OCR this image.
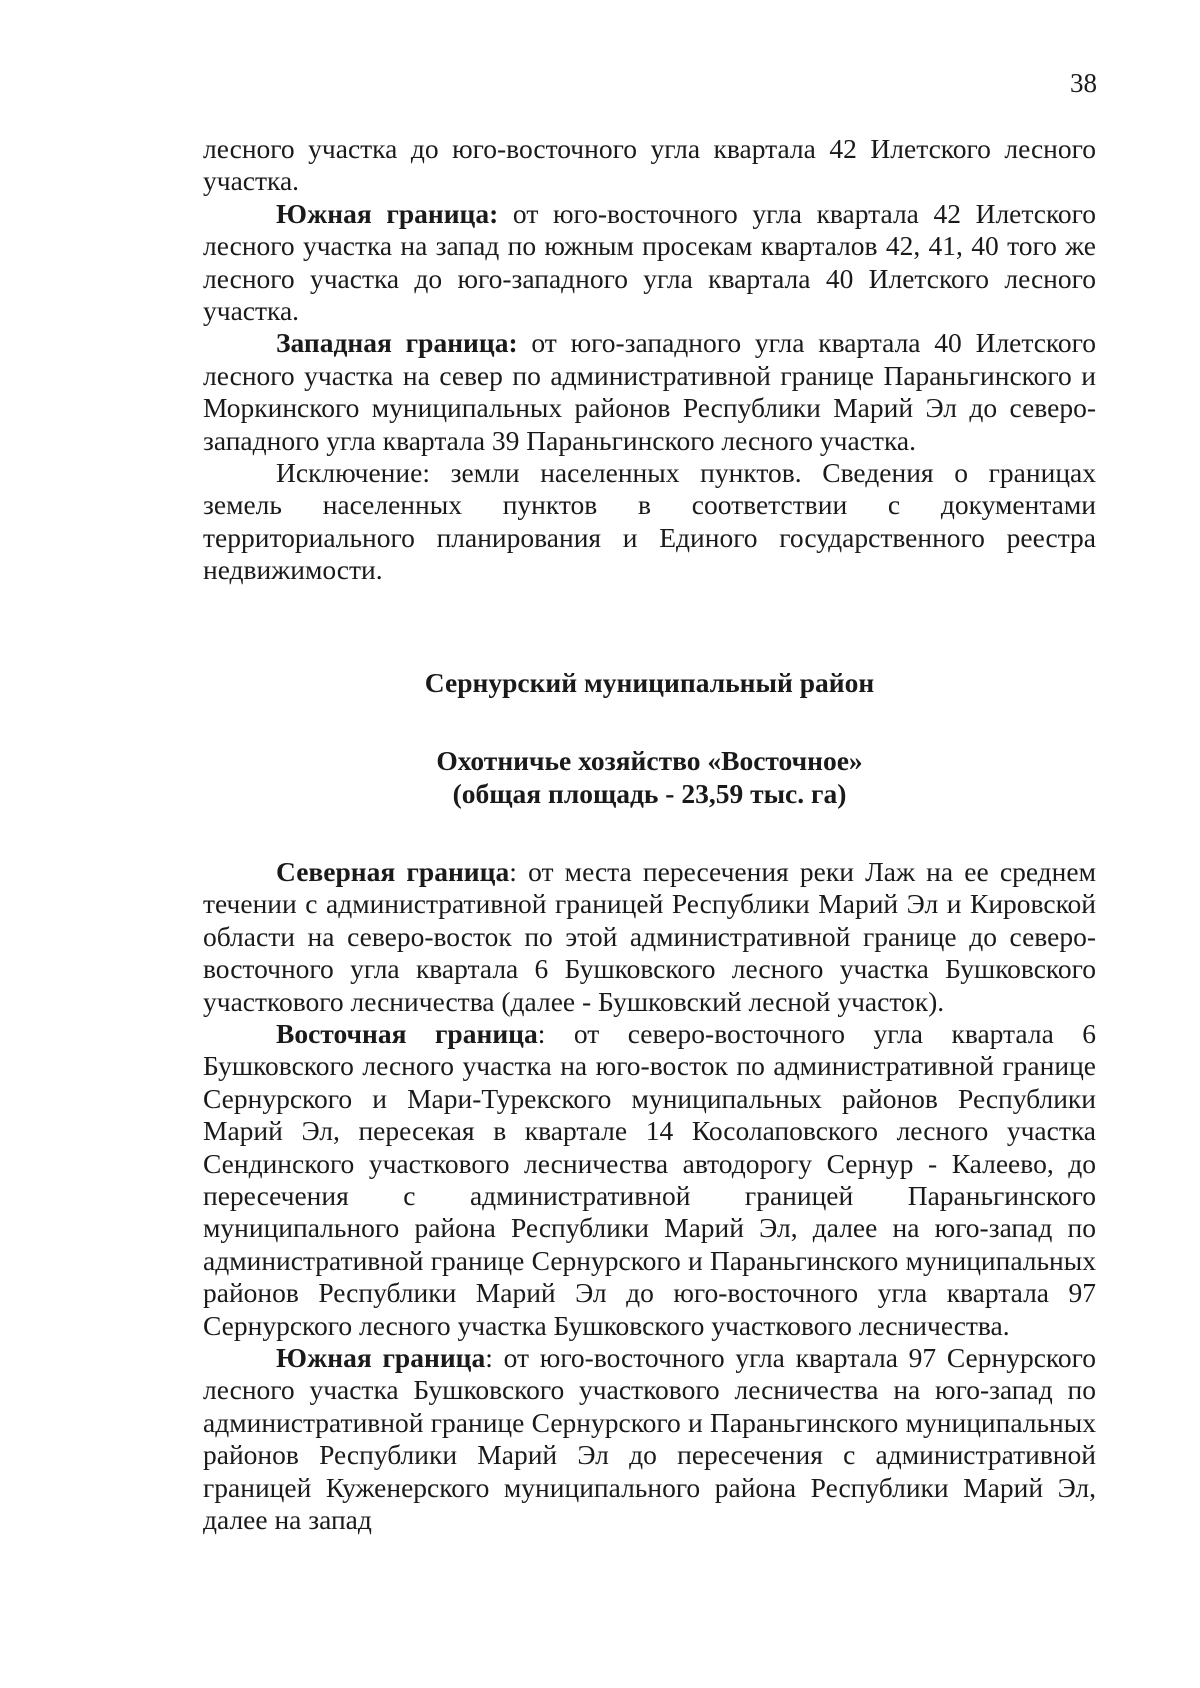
38

лесного участка до юго-восточного угла квартала 42 Илетского лесного участка.

Южная граница: от юго-восточного угла квартала 42 Илетского лесного участка на запад по южным просекам кварталов 42, 41, 40 того же лесного участка до юго-западного угла квартала 40 Илетского лесного участка.

Западная граница: от юго-западного угла квартала 40 Илетского лесного участка на север по административной границе Параньгинского и Моркинского муниципальных районов Республики Марий Эл до северо-западного угла квартала 39 Параньгинского лесного участка.

Исключение: земли населенных пунктов. Сведения о границах земель населенных пунктов в соответствии с документами территориального планирования и Единого государственного реестра недвижимости.

Сернурский муниципальный район

Охотничье хозяйство «Восточное»

(общая площадь - 23,59 тыс. га)

Северная граница: от места пересечения реки Лаж на ее среднем течении с административной границей Республики Марий Эл и Кировской области на северо-восток по этой административной границе до северо-восточного угла квартала 6 Бушковского лесного участка Бушковского участкового лесничества (далее - Бушковский лесной участок).

Восточная граница: от северо-восточного угла квартала 6 Бушковского лесного участка на юго-восток по административной границе Сернурского и Мари-Турекского муниципальных районов Республики Марий Эл, пересекая в квартале 14 Косолаповского лесного участка Сендинского участкового лесничества автодорогу Сернур - Калеево, до пересечения с административной границей Параньгинского муниципального района Республики Марий Эл, далее на юго-запад по административной границе Сернурского и Параньгинского муниципальных районов Республики Марий Эл до юго-восточного угла квартала 97 Сернурского лесного участка Бушковского участкового лесничества.

Южная граница: от юго-восточного угла квартала 97 Сернурского лесного участка Бушковского участкового лесничества на юго-запад по административной границе Сернурского и Параньгинского муниципальных районов Республики Марий Эл до пересечения с административной границей Куженерского муниципального района Республики Марий Эл, далее на запад
